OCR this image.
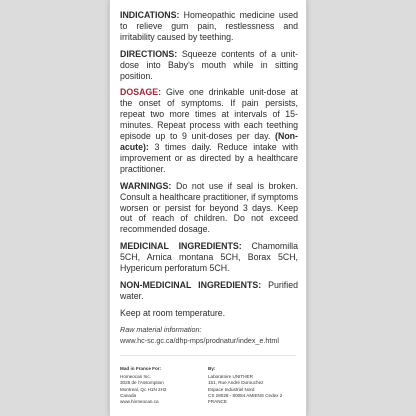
INDICATIONS: Homeopathic medicine used to relieve gum pain, restlessness and irritability caused by teething.

DIRECTIONS: Squeeze contents of a unit-dose into Baby's mouth while in sitting position.

DOSAGE: Give one drinkable unit-dose at the onset of symptoms. If pain persists, repeat two more times at intervals of 15-minutes. Repeat process with each teething episode up to 9 unit-doses per day. (Non-acute): 3 times daily. Reduce intake with improvement or as directed by a healthcare practitioner.

WARNINGS: Do not use if seal is broken. Consult a healthcare practitioner, if symptoms worsen or persist for beyond 3 days. Keep out of reach of children. Do not exceed recommended dosage.

MEDICINAL INGREDIENTS: Chamomilla 5CH, Arnica montana 5CH, Borax 5CH, Hypericum perforatum 5CH.

NON-MEDICINAL INGREDIENTS: Purified water.

Keep at room temperature.

Raw material information:

www.hc-sc.gc.ca/dhp-mps/prodnatur/index_e.html

Mad in France For:
Homeocan Inc.
3025 de l'Assomption
Montreal, Qc H1N 2H2
Canada
www.homeocan.ca
By:
Laboratoire UNITHER
151, Rue André Durouchez
Espace Industriel Nord
CS 28028 - 80084 AMIENS Cedex 2
FRANCE
